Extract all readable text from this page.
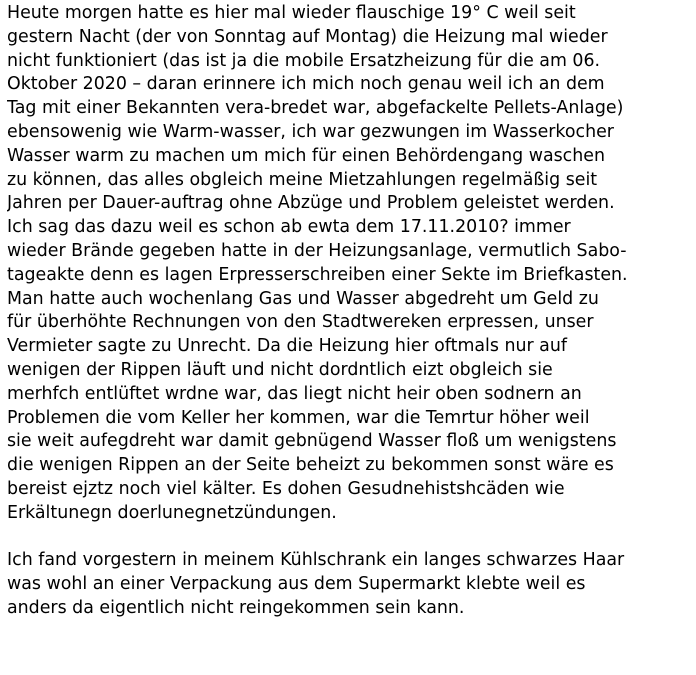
Heute morgen hatte es hier mal wieder flauschige 19° C weil seit
gestern Nacht (der von Sonntag auf Montag) die Heizung mal wieder
nicht funktioniert (das ist ja die mobile Ersatzheizung für die am 06.
Oktober 2020 – daran erinnere ich mich noch genau weil ich an dem
Tag mit einer Bekannten vera-bredet war, abgefackelte Pellets-Anlage)
ebensowenig wie Warm-wasser, ich war gezwungen im Wasserkocher
Wasser warm zu machen um mich für einen Behördengang waschen
zu können, das alles obgleich meine Mietzahlungen regelmäßig seit
Jahren per Dauer-auftrag ohne Abzüge und Problem geleistet werden.
Ich sag das dazu weil es schon ab ewta dem 17.11.2010? immer
wieder Brände gegeben hatte in der Heizungsanlage, vermutlich Sabo-
tageakte denn es lagen Erpresserschreiben einer Sekte im Briefkasten.
Man hatte auch wochenlang Gas und Wasser abgedreht um Geld zu
für überhöhte Rechnungen von den Stadtwereken erpressen, unser
Vermieter sagte zu Unrecht. Da die Heizung hier oftmals nur auf
wenigen der Rippen läuft und nicht dordntlich eizt obgleich sie
merhfch entlüftet wrdne war, das liegt nicht heir oben sodnern an
Problemen die vom Keller her kommen, war die Temrtur höher weil
sie weit aufegdreht war damit gebnügend Wasser floß um wenigstens
die wenigen Rippen an der Seite beheizt zu bekommen sonst wäre es
bereist ejztz noch viel kälter. Es dohen Gesudnehistshcäden wie
Erkältunegn doerlunegnetzündungen.
Ich fand vorgestern in meinem Kühlschrank ein langes schwarzes Haar
was wohl an einer Verpackung aus dem Supermarkt klebte weil es
anders da eigentlich nicht reingekommen sein kann.
